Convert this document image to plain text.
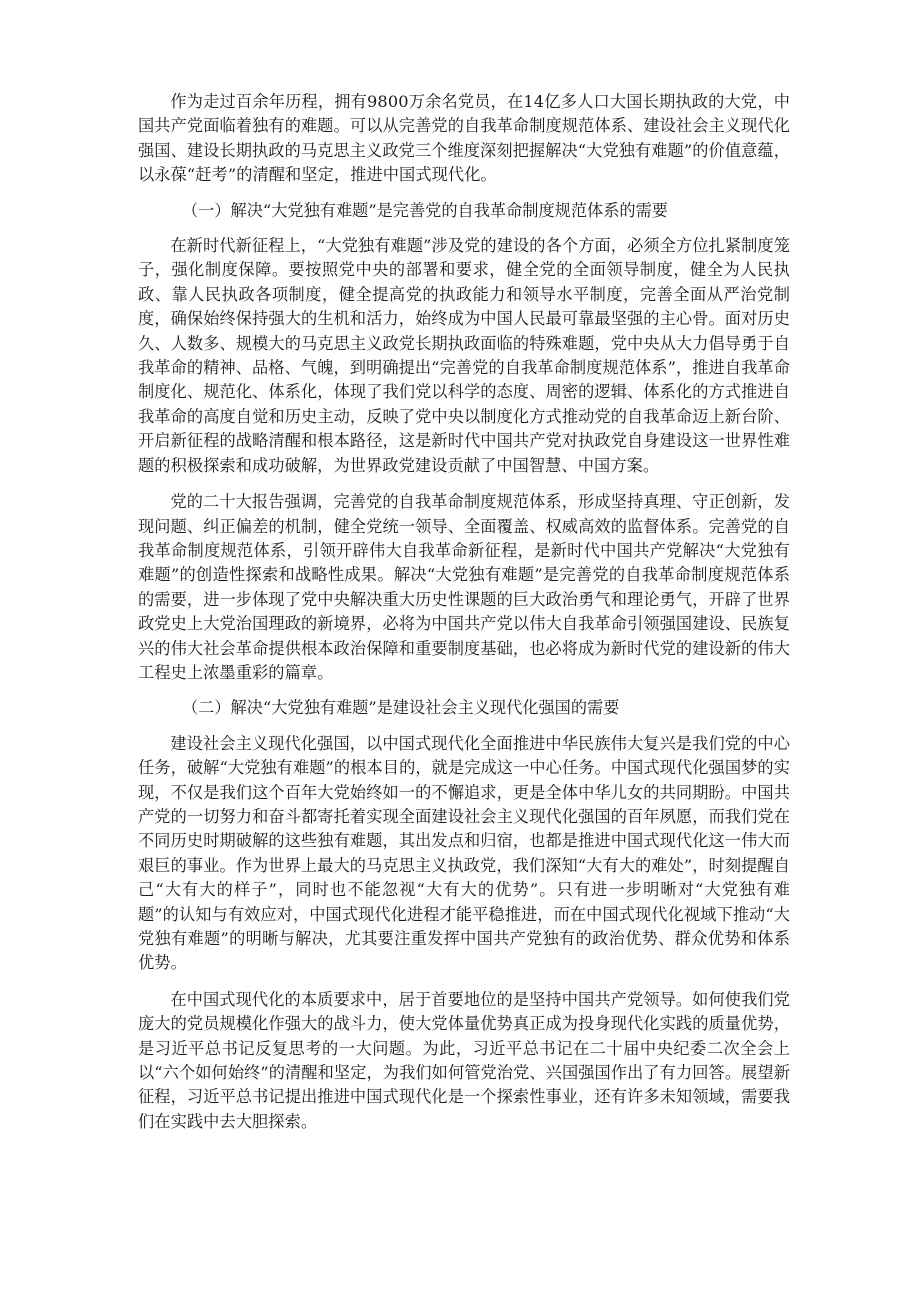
作为走过百余年历程，拥有9800万余名党员，在14亿多人口大国长期执政的大党，中国共产党面临着独有的难题。可以从完善党的自我革命制度规范体系、建设社会主义现代化强国、建设长期执政的马克思主义政党三个维度深刻把握解决“大党独有难题”的价值意蕴，以永葆“赶考”的清醒和坚定，推进中国式现代化。

（一）解决“大党独有难题”是完善党的自我革命制度规范体系的需要

在新时代新征程上，“大党独有难题”涉及党的建设的各个方面，必须全方位扎紧制度笼子，强化制度保障。要按照党中央的部署和要求，健全党的全面领导制度，健全为人民执政、靠人民执政各项制度，健全提高党的执政能力和领导水平制度，完善全面从严治党制度，确保始终保持强大的生机和活力，始终成为中国人民最可靠最坚强的主心骨。面对历史久、人数多、规模大的马克思主义政党长期执政面临的特殊难题，党中央从大力倡导勇于自我革命的精神、品格、气魄，到明确提出“完善党的自我革命制度规范体系”，推进自我革命制度化、规范化、体系化，体现了我们党以科学的态度、周密的逻辑、体系化的方式推进自我革命的高度自觉和历史主动，反映了党中央以制度化方式推动党的自我革命迈上新台阶、开启新征程的战略清醒和根本路径，这是新时代中国共产党对执政党自身建设这一世界性难题的积极探索和成功破解，为世界政党建设贡献了中国智慧、中国方案。

党的二十大报告强调，完善党的自我革命制度规范体系，形成坚持真理、守正创新，发现问题、纠正偏差的机制，健全党统一领导、全面覆盖、权威高效的监督体系。完善党的自我革命制度规范体系，引领开辟伟大自我革命新征程，是新时代中国共产党解决“大党独有难题”的创造性探索和战略性成果。解决“大党独有难题”是完善党的自我革命制度规范体系的需要，进一步体现了党中央解决重大历史性课题的巨大政治勇气和理论勇气，开辟了世界政党史上大党治国理政的新境界，必将为中国共产党以伟大自我革命引领强国建设、民族复兴的伟大社会革命提供根本政治保障和重要制度基础，也必将成为新时代党的建设新的伟大工程史上浓墨重彩的篇章。

（二）解决“大党独有难题”是建设社会主义现代化强国的需要

建设社会主义现代化强国，以中国式现代化全面推进中华民族伟大复兴是我们党的中心任务，破解“大党独有难题”的根本目的，就是完成这一中心任务。中国式现代化强国梦的实现，不仅是我们这个百年大党始终如一的不懈追求，更是全体中华儿女的共同期盼。中国共产党的一切努力和奋斗都寄托着实现全面建设社会主义现代化强国的百年夙愿，而我们党在不同历史时期破解的这些独有难题，其出发点和归宿，也都是推进中国式现代化这一伟大而艰巨的事业。作为世界上最大的马克思主义执政党，我们深知“大有大的难处”，时刻提醒自己“大有大的样子”，同时也不能忽视“大有大的优势”。只有进一步明晰对“大党独有难题”的认知与有效应对，中国式现代化进程才能平稳推进，而在中国式现代化视域下推动“大党独有难题”的明晰与解决，尤其要注重发挥中国共产党独有的政治优势、群众优势和体系优势。

在中国式现代化的本质要求中，居于首要地位的是坚持中国共产党领导。如何使我们党庞大的党员规模化作强大的战斗力，使大党体量优势真正成为投身现代化实践的质量优势，是习近平总书记反复思考的一大问题。为此，习近平总书记在二十届中央纪委二次全会上以“六个如何始终”的清醒和坚定，为我们如何管党治党、兴国强国作出了有力回答。展望新征程，习近平总书记提出推进中国式现代化是一个探索性事业，还有许多未知领域，需要我们在实践中去大胆探索。
